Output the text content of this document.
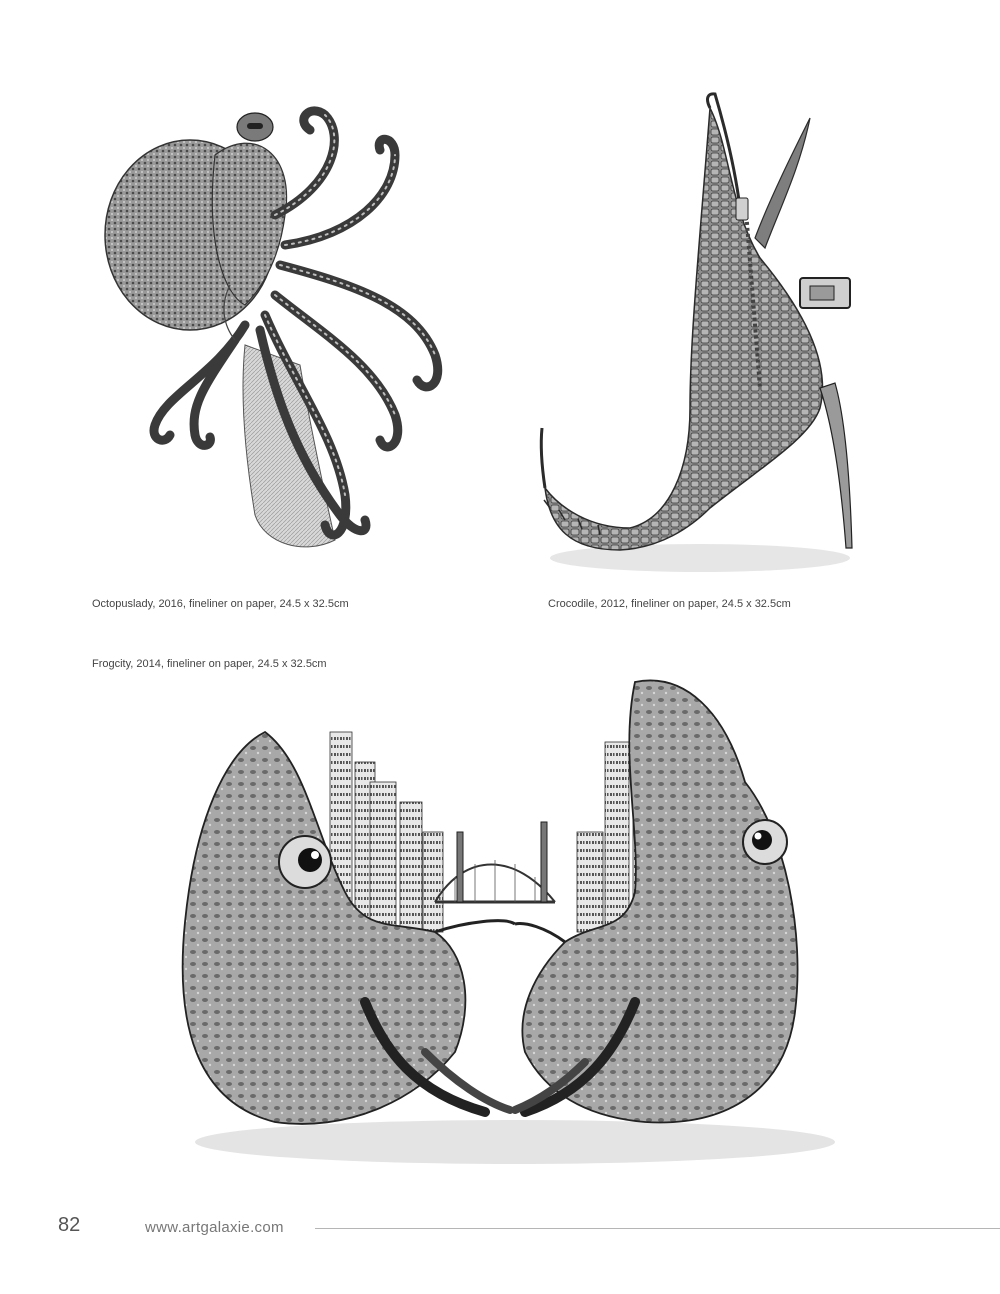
Octopuslady, 2016, fineliner on paper, 24.5 x 32.5cm	Crocodile, 2012, fineliner on paper, 24.5 x 32.5cm
Frogcity, 2014, fineliner on paper, 24.5 x 32.5cm
82	www.artgalaxie.com
